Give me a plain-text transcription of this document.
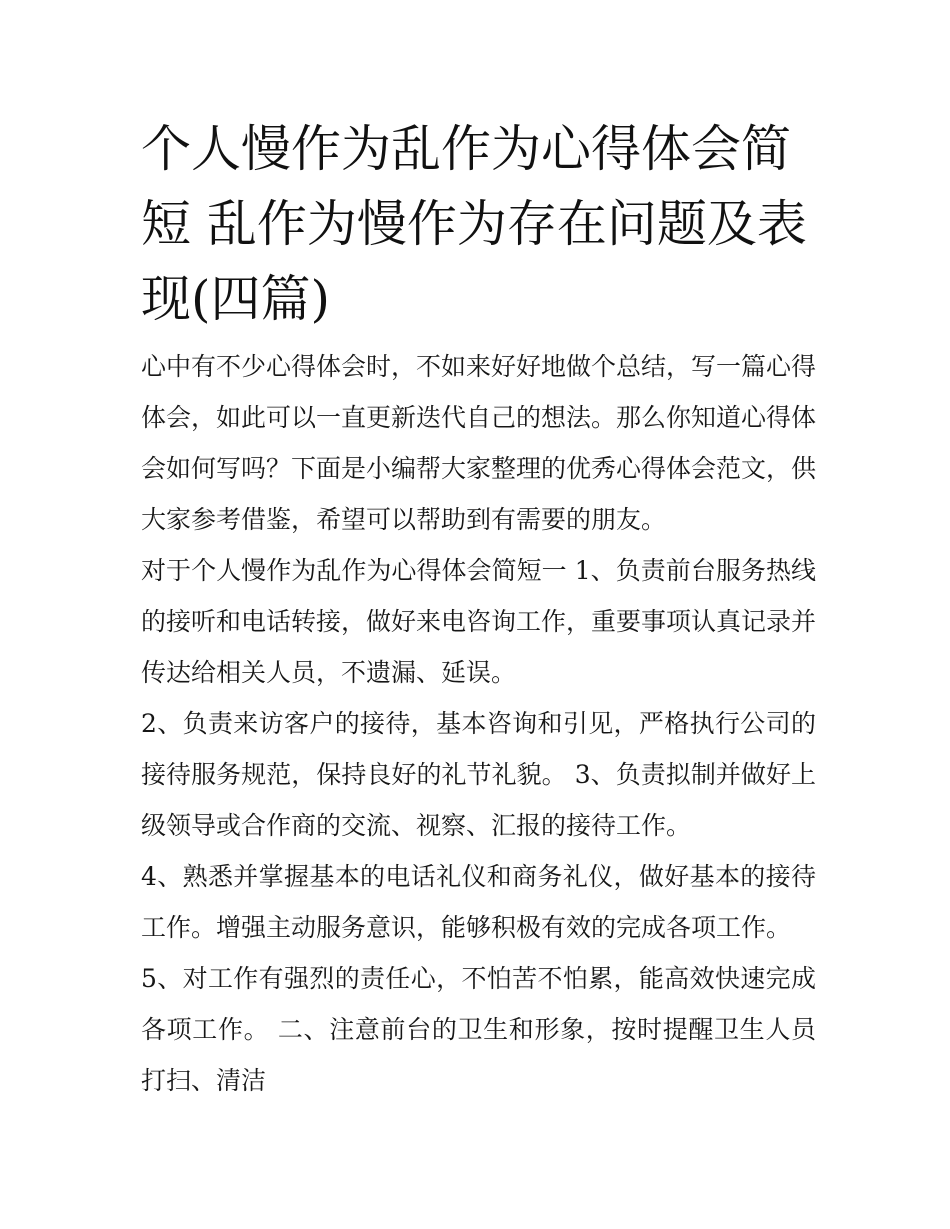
个人慢作为乱作为心得体会简短 乱作为慢作为存在问题及表现(四篇)

心中有不少心得体会时，不如来好好地做个总结，写一篇心得体会，如此可以一直更新迭代自己的想法。那么你知道心得体会如何写吗？下面是小编帮大家整理的优秀心得体会范文，供大家参考借鉴，希望可以帮助到有需要的朋友。

对于个人慢作为乱作为心得体会简短一 1、负责前台服务热线的接听和电话转接，做好来电咨询工作，重要事项认真记录并传达给相关人员，不遗漏、延误。

2、负责来访客户的接待，基本咨询和引见，严格执行公司的接待服务规范，保持良好的礼节礼貌。 3、负责拟制并做好上级领导或合作商的交流、视察、汇报的接待工作。

4、熟悉并掌握基本的电话礼仪和商务礼仪，做好基本的接待工作。增强主动服务意识，能够积极有效的完成各项工作。

5、对工作有强烈的责任心，不怕苦不怕累，能高效快速完成各项工作。 二、注意前台的卫生和形象，按时提醒卫生人员打扫、清洁
